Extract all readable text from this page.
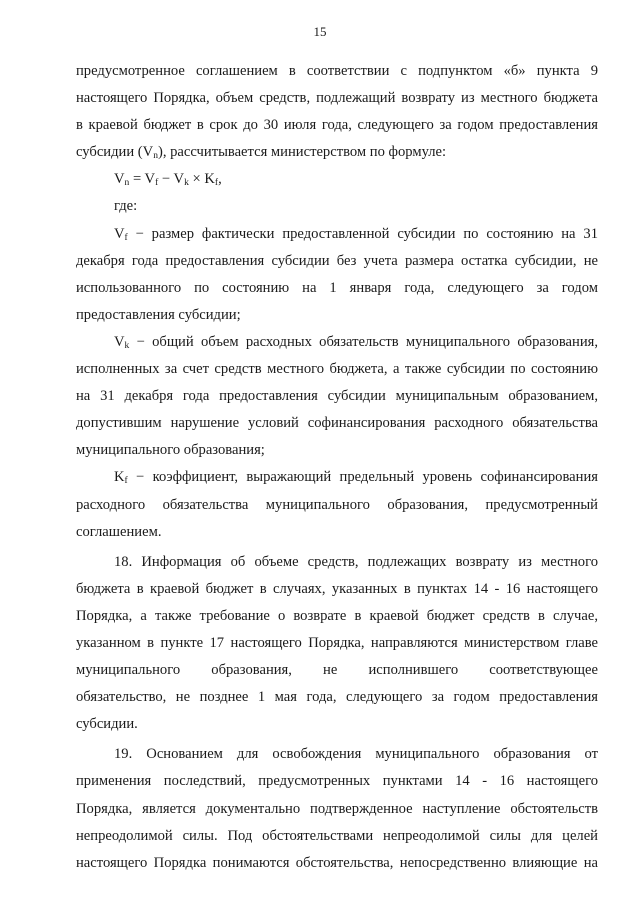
15

предусмотренное соглашением в соответствии с подпунктом «б» пункта 9

настоящего Порядка, объем средств, подлежащий возврату из местного бюджета

в краевой бюджет в срок до 30 июля года, следующего за годом предоставления

субсидии $(V_n)$, рассчитывается министерством по формуле:

$V_n = V_f - V_k \times K_f$,

где:

$V_f$ − размер фактически предоставленной субсидии по состоянию на 31

декабря года предоставления субсидии без учета размера остатка субсидии, не

использованного по состоянию на 1 января года, следующего за годом

предоставления субсидии;

$V_k$ − общий объем расходных обязательств муниципального образования,

исполненных за счет средств местного бюджета, а также субсидии по состоянию

на 31 декабря года предоставления субсидии муниципальным образованием,

допустившим нарушение условий софинансирования расходного обязательства

муниципального образования;

$K_f$ − коэффициент, выражающий предельный уровень софинансирования

расходного обязательства муниципального образования, предусмотренный

соглашением.

18. Информация об объеме средств, подлежащих возврату из местного

бюджета в краевой бюджет в случаях, указанных в пунктах 14 - 16 настоящего

Порядка, а также требование о возврате в краевой бюджет средств в случае,

указанном в пункте 17 настоящего Порядка, направляются министерством главе

муниципального образования, не исполнившего соответствующее

обязательство, не позднее 1 мая года, следующего за годом предоставления

субсидии.

19. Основанием для освобождения муниципального образования от

применения последствий, предусмотренных пунктами 14 - 16 настоящего

Порядка, является документально подтвержденное наступление обстоятельств

непреодолимой силы. Под обстоятельствами непреодолимой силы для целей

настоящего Порядка понимаются обстоятельства, непосредственно влияющие на
